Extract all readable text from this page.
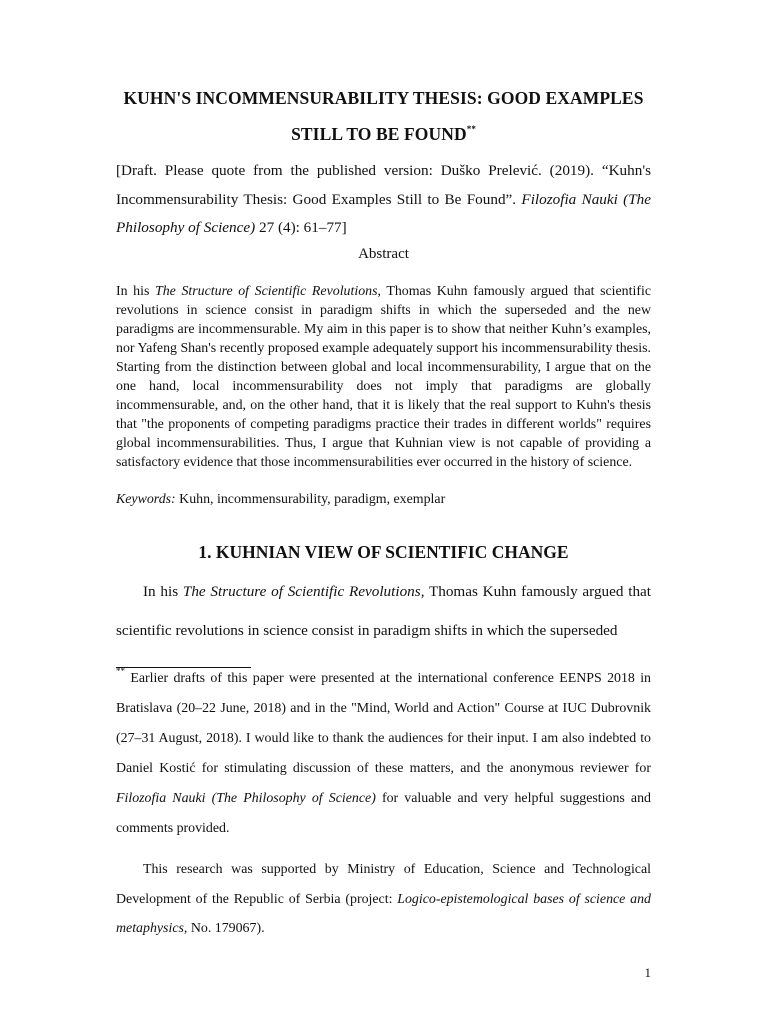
KUHN'S INCOMMENSURABILITY THESIS: GOOD EXAMPLES
STILL TO BE FOUND**
[Draft. Please quote from the published version: Duško Prelević. (2019). “Kuhn's Incommensurability Thesis: Good Examples Still to Be Found”. Filozofia Nauki (The Philosophy of Science) 27 (4): 61–77]
Abstract
In his The Structure of Scientific Revolutions, Thomas Kuhn famously argued that scientific revolutions in science consist in paradigm shifts in which the superseded and the new paradigms are incommensurable. My aim in this paper is to show that neither Kuhn’s examples, nor Yafeng Shan's recently proposed example adequately support his incommensurability thesis. Starting from the distinction between global and local incommensurability, I argue that on the one hand, local incommensurability does not imply that paradigms are globally incommensurable, and, on the other hand, that it is likely that the real support to Kuhn's thesis that "the proponents of competing paradigms practice their trades in different worlds" requires global incommensurabilities. Thus, I argue that Kuhnian view is not capable of providing a satisfactory evidence that those incommensurabilities ever occurred in the history of science.
Keywords: Kuhn, incommensurability, paradigm, exemplar
1. KUHNIAN VIEW OF SCIENTIFIC CHANGE
In his The Structure of Scientific Revolutions, Thomas Kuhn famously argued that scientific revolutions in science consist in paradigm shifts in which the superseded
** Earlier drafts of this paper were presented at the international conference EENPS 2018 in Bratislava (20–22 June, 2018) and in the "Mind, World and Action" Course at IUC Dubrovnik (27–31 August, 2018). I would like to thank the audiences for their input. I am also indebted to Daniel Kostić for stimulating discussion of these matters, and the anonymous reviewer for Filozofia Nauki (The Philosophy of Science) for valuable and very helpful suggestions and comments provided.
This research was supported by Ministry of Education, Science and Technological Development of the Republic of Serbia (project: Logico-epistemological bases of science and metaphysics, No. 179067).
1
